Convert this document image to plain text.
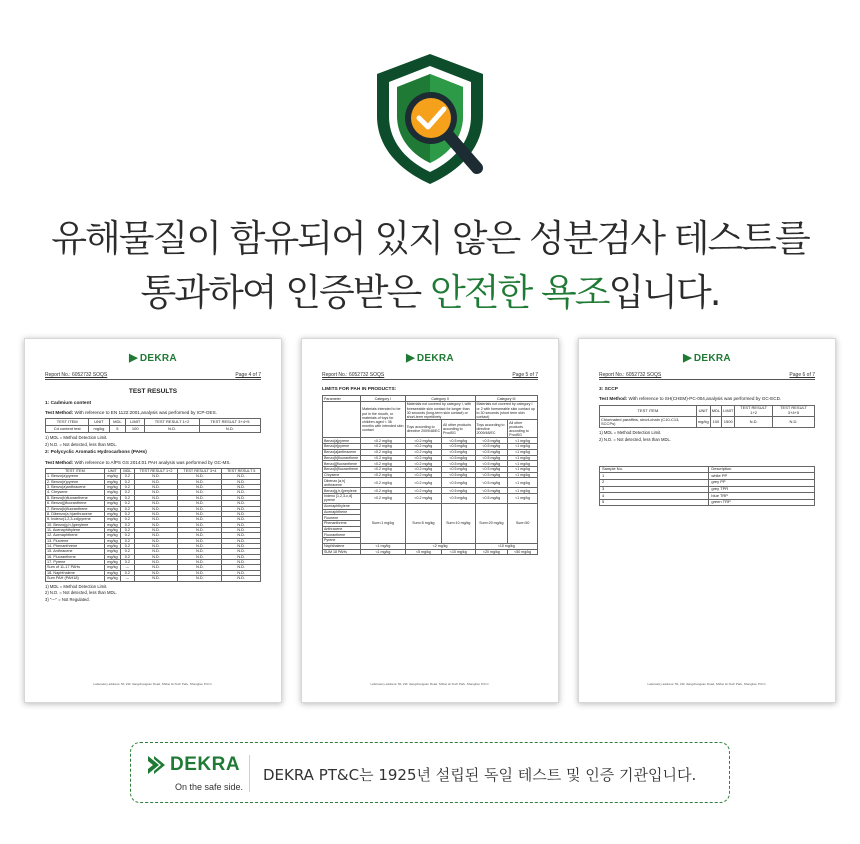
유해물질이 함유되어 있지 않은 성분검사 테스트를
통과하여 인증받은 안전한 욕조입니다.
▶ DEKRA
Report No.: 6052732 SOQS	Page 4 of 7
TEST RESULTS
1: Cadmium content
Test Method: With reference to EN 1122:2001,analysis was performed by ICP-OES.
TEST ITEM	UNIT	MDL	LIMIT	TEST RESULT 1+2	TEST RESULT 3+4+5
Cd content test	mg/kg	5	100	N.D.	N.D.
1) MDL = Method Detection Limit.
2) N.D. = Not detected, less than MDL.
2: Polycyclic Aromatic Hydrocarbons (PAHs)
Test Method: With reference to AfPS GS 2014:01 PAH analysis was performed by GC-MS.
TEST ITEM	UNIT	MDL	TEST RESULT 1+2	TEST RESULT 3+4	TEST RESULT 5
1. Benzo(a)pyrene	mg/kg	0.2	N.D.	N.D.	N.D.
2. Benzo(e)pyrene	mg/kg	0.2	N.D.	N.D.	N.D.
3. Benzo(a)anthracene	mg/kg	0.2	N.D.	N.D.	N.D.
4. Chrysene	mg/kg	0.2	N.D.	N.D.	N.D.
5. Benzo(b)fluoranthene	mg/kg	0.2	N.D.	N.D.	N.D.
6. Benzo(j)fluoranthene	mg/kg	0.2	N.D.	N.D.	N.D.
7. Benzo(k)fluoranthene	mg/kg	0.2	N.D.	N.D.	N.D.
8. Dibenzo(a,h)anthracene	mg/kg	0.2	N.D.	N.D.	N.D.
9. Indeno(1,2,3-cd)pyrene	mg/kg	0.2	N.D.	N.D.	N.D.
10. Benzo(g,h,i)perylene	mg/kg	0.2	N.D.	N.D.	N.D.
11. Acenaphthylene	mg/kg	0.2	N.D.	N.D.	N.D.
12. Acenaphthene	mg/kg	0.2	N.D.	N.D.	N.D.
13. Fluorene	mg/kg	0.2	N.D.	N.D.	N.D.
14. Phenanthrene	mg/kg	0.2	N.D.	N.D.	N.D.
15. Anthracene	mg/kg	0.2	N.D.	N.D.	N.D.
16. Fluoranthene	mg/kg	0.2	N.D.	N.D.	N.D.
17. Pyrene	mg/kg	0.2	N.D.	N.D.	N.D.
Sum of 11-17 PAHs	mg/kg	---	N.D.	N.D.	N.D.
18. Naphthalene	mg/kg	0.2	N.D.	N.D.	N.D.
Sum PAH (PAH18)	mg/kg	---	N.D.	N.D.	N.D.
1) MDL = Method Detection Limit.
2) N.D. = Not detected, less than MDL.
3) "---" = Not Regulated.
Laboratory address: 5F, 21F Jiangchangsan Road, Shibei Hi-Tech Park, Shanghai, P.R.C.
▶ DEKRA
Report No.: 6052732 SOQS	Page 5 of 7
LIMITS FOR PAH IN PRODUCTS:
Parameter	Category I	Category II		Category III	
	Materials intended to be put in the mouth, or materials of toys for children aged < 36 months with intended skin contact	Materials not covered by category I, with foreseeable skin contact for longer than 30 seconds (long-term skin contact) or short-term repetitively		Materials not covered by category I or 2 with foreseeable skin contact up to 30 seconds (short term skin contact)	
		Toys according to directive 2009/48/EC	All other products according to ProdSG	Toys according to directive 2009/48/EC	All other products according to ProdSG
Benzo[a]pyrene	<0.2 mg/kg	<0.2 mg/kg	<0.5 mg/kg	<0.5 mg/kg	<1 mg/kg
Benzo[e]pyrene	<0.2 mg/kg	<0.2 mg/kg	<0.5 mg/kg	<0.5 mg/kg	<1 mg/kg
Benzo[a]anthracene	<0.2 mg/kg	<0.2 mg/kg	<0.5 mg/kg	<0.5 mg/kg	<1 mg/kg
Benzo[b]fluoranthene	<0.2 mg/kg	<0.2 mg/kg	<0.5 mg/kg	<0.5 mg/kg	<1 mg/kg
Benzo[j]fluoranthene	<0.2 mg/kg	<0.2 mg/kg	<0.5 mg/kg	<0.5 mg/kg	<1 mg/kg
Benzo[k]fluoranthene	<0.2 mg/kg	<0.2 mg/kg	<0.5 mg/kg	<0.5 mg/kg	<1 mg/kg
Chrysene	<0.2 mg/kg	<0.2 mg/kg	<0.5 mg/kg	<0.5 mg/kg	<1 mg/kg
Dibenzo [a,h] anthracene	<0.2 mg/kg	<0.2 mg/kg	<0.5 mg/kg	<0.5 mg/kg	<1 mg/kg
Benzo[g,h,i]perylene	<0.2 mg/kg	<0.2 mg/kg	<0.5 mg/kg	<0.5 mg/kg	<1 mg/kg
Indeno [1,2,3-c,d] pyrene	<0.2 mg/kg	<0.2 mg/kg	<0.5 mg/kg	<0.5 mg/kg	<1 mg/kg
Acenaphthylene	Sum<1 mg/kg	Sum<5 mg/kg	Sum<10 mg/kg	Sum<20 mg/kg	Sum<50
Acenaphthene					
Fluorene					
Phenanthrene					
Anthracene					
Fluoranthene					
Pyrene					
Naphthalene	<1 mg/kg	<2 mg/kg		<10 mg/kg	
SUM 18 PAHs	<1 mg/kg	<5 mg/kg	<10 mg/kg	<20 mg/kg	<50 mg/kg
Laboratory address: 5F, 21F Jiangchangsan Road, Shibei Hi-Tech Park, Shanghai, P.R.C.
▶ DEKRA
Report No.: 6052732 SOQS	Page 6 of 7
3: SCCP
Test Method: With reference to SH(CHEM)-PC-004,analysis was performed by GC-ECD.
TEST ITEM	UNIT	MDL	LIMIT	TEST RESULT 1+2	TEST RESULT 3+4+5
Chlorinated paraffins, short-chain (C10-C13, SCCPs)	mg/kg	100	1500	N.D.	N.D.
1) MDL = Method Detection Limit.
2) N.D. = Not detected, less than MDL.
Sample No.	Description
1	white PP
2	grey PP
3	grey TPR
4	blue TRP
5	green TRP
Laboratory address: 5F, 21F Jiangchangsan Road, Shibei Hi-Tech Park, Shanghai, P.R.C.
DEKRA
On the safe side.
DEKRA PT&C는 1925년 설립된 독일 테스트 및 인증 기관입니다.
